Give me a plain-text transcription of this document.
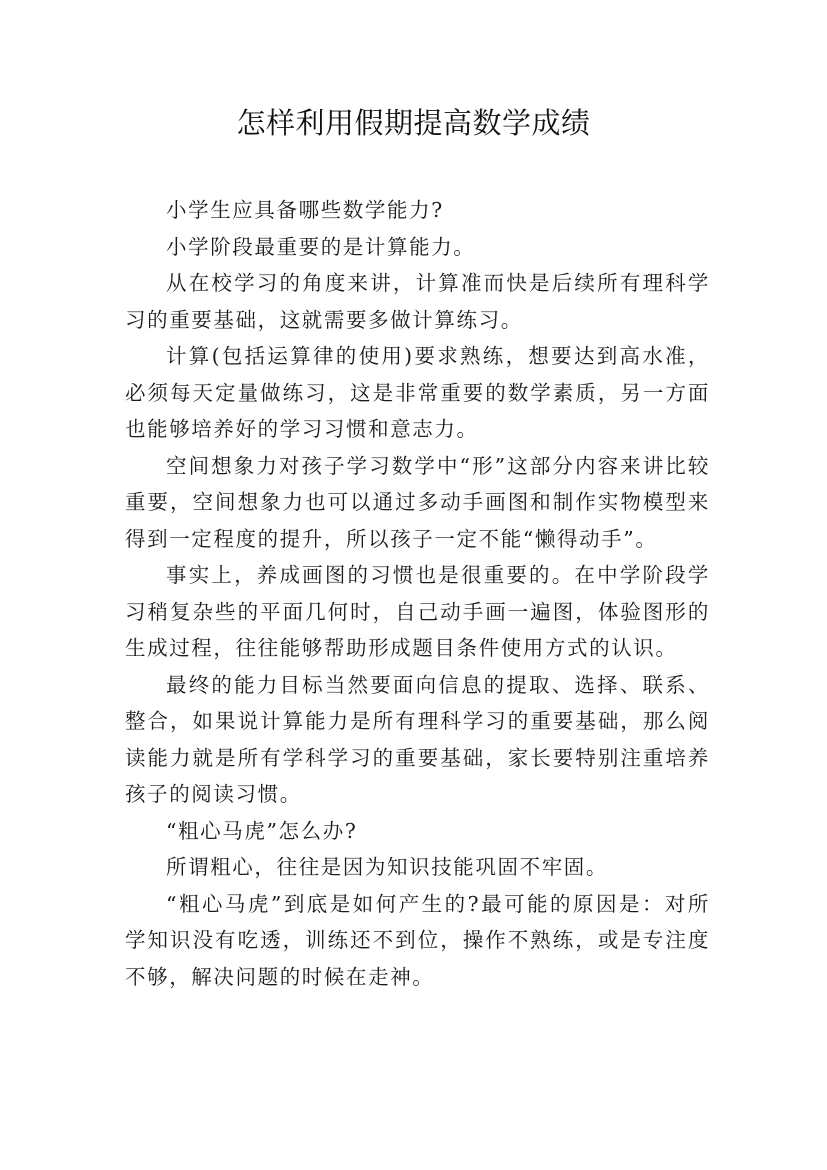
怎样利用假期提高数学成绩

小学生应具备哪些数学能力?

小学阶段最重要的是计算能力。

从在校学习的角度来讲，计算准而快是后续所有理科学习的重要基础，这就需要多做计算练习。

计算(包括运算律的使用)要求熟练，想要达到高水准，必须每天定量做练习，这是非常重要的数学素质，另一方面也能够培养好的学习习惯和意志力。

空间想象力对孩子学习数学中“形”这部分内容来讲比较重要，空间想象力也可以通过多动手画图和制作实物模型来得到一定程度的提升，所以孩子一定不能“懒得动手”。

事实上，养成画图的习惯也是很重要的。在中学阶段学习稍复杂些的平面几何时，自己动手画一遍图，体验图形的生成过程，往往能够帮助形成题目条件使用方式的认识。

最终的能力目标当然要面向信息的提取、选择、联系、整合，如果说计算能力是所有理科学习的重要基础，那么阅读能力就是所有学科学习的重要基础，家长要特别注重培养孩子的阅读习惯。

“粗心马虎”怎么办?

所谓粗心，往往是因为知识技能巩固不牢固。

“粗心马虎”到底是如何产生的?最可能的原因是：对所学知识没有吃透，训练还不到位，操作不熟练，或是专注度不够，解决问题的时候在走神。
